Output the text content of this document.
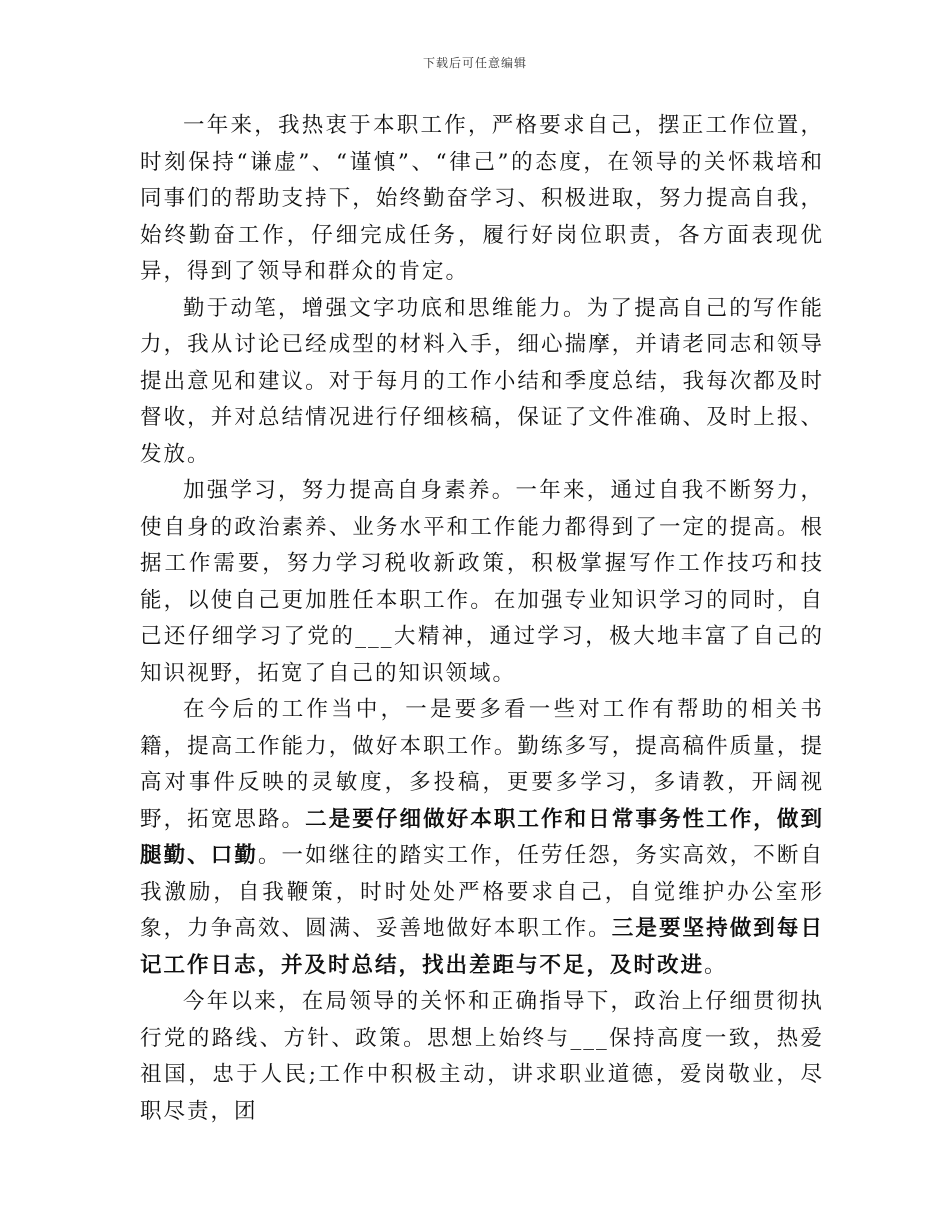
下载后可任意编辑

一年来，我热衷于本职工作，严格要求自己，摆正工作位置，时刻保持“谦虚”、“谨慎”、“律己”的态度，在领导的关怀栽培和同事们的帮助支持下，始终勤奋学习、积极进取，努力提高自我，始终勤奋工作，仔细完成任务，履行好岗位职责，各方面表现优异，得到了领导和群众的肯定。

勤于动笔，增强文字功底和思维能力。为了提高自己的写作能力，我从讨论已经成型的材料入手，细心揣摩，并请老同志和领导提出意见和建议。对于每月的工作小结和季度总结，我每次都及时督收，并对总结情况进行仔细核稿，保证了文件准确、及时上报、发放。

加强学习，努力提高自身素养。一年来，通过自我不断努力，使自身的政治素养、业务水平和工作能力都得到了一定的提高。根据工作需要，努力学习税收新政策，积极掌握写作工作技巧和技能，以使自己更加胜任本职工作。在加强专业知识学习的同时，自己还仔细学习了党的___大精神，通过学习，极大地丰富了自己的知识视野，拓宽了自己的知识领域。

在今后的工作当中，一是要多看一些对工作有帮助的相关书籍，提高工作能力，做好本职工作。勤练多写，提高稿件质量，提高对事件反映的灵敏度，多投稿，更要多学习，多请教，开阔视野，拓宽思路。二是要仔细做好本职工作和日常事务性工作，做到腿勤、口勤。一如继往的踏实工作，任劳任怨，务实高效，不断自我激励，自我鞭策，时时处处严格要求自己，自觉维护办公室形象，力争高效、圆满、妥善地做好本职工作。三是要坚持做到每日记工作日志，并及时总结，找出差距与不足，及时改进。

今年以来，在局领导的关怀和正确指导下，政治上仔细贯彻执行党的路线、方针、政策。思想上始终与___保持高度一致，热爱祖国，忠于人民;工作中积极主动，讲求职业道德，爱岗敬业，尽职尽责，团
